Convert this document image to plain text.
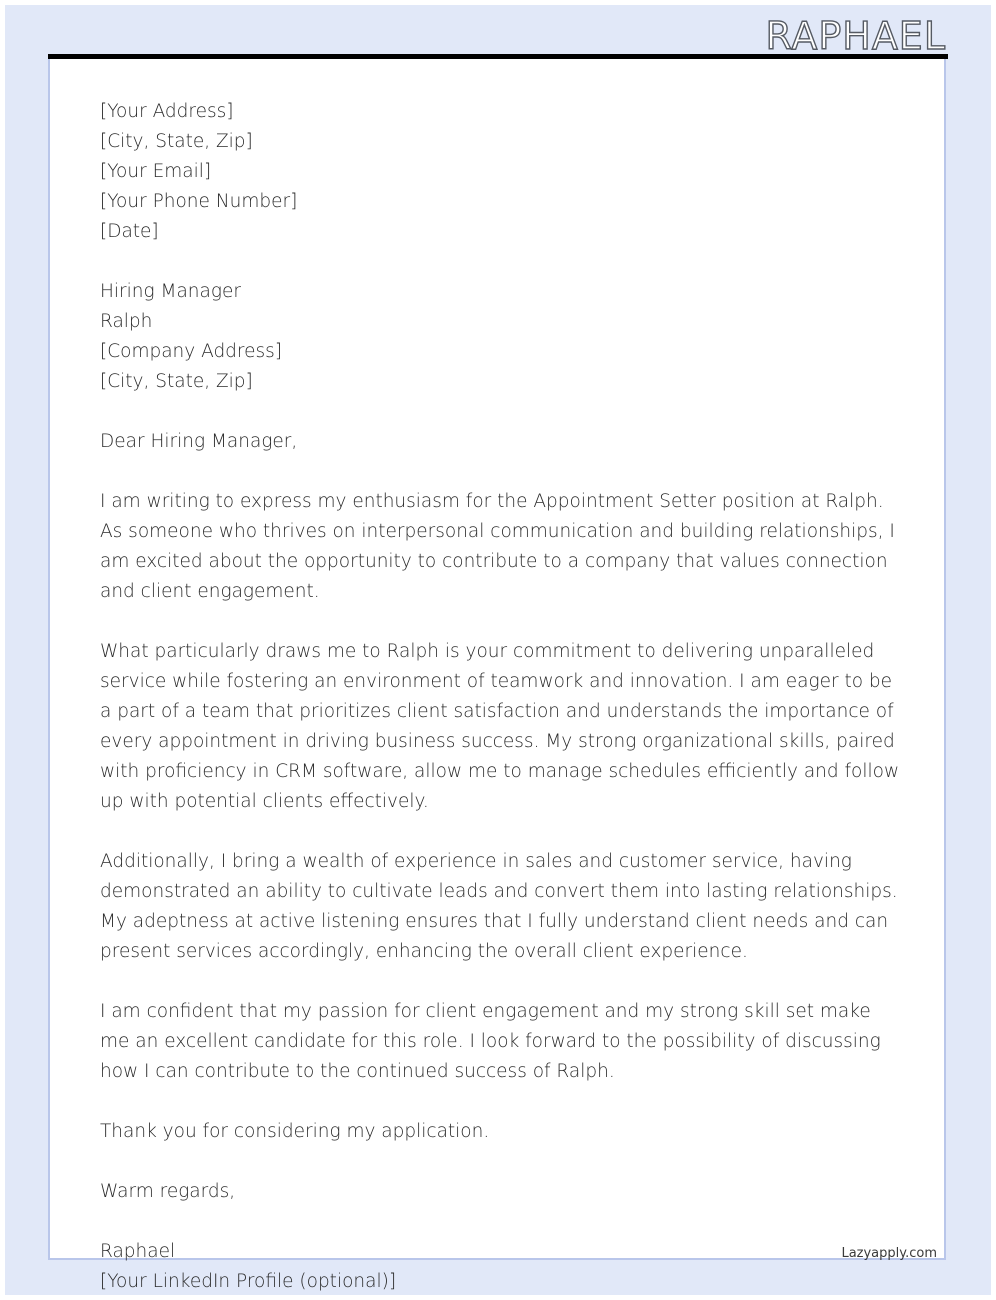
RAPHAEL
[Your Address]
[City, State, Zip]
[Your Email]
[Your Phone Number]
[Date]
Hiring Manager
Ralph
[Company Address]
[City, State, Zip]
Dear Hiring Manager,

I am writing to express my enthusiasm for the Appointment Setter position at Ralph. As someone who thrives on interpersonal communication and building relationships, I am excited about the opportunity to contribute to a company that values connection and client engagement.

What particularly draws me to Ralph is your commitment to delivering unparalleled service while fostering an environment of teamwork and innovation. I am eager to be a part of a team that prioritizes client satisfaction and understands the importance of every appointment in driving business success. My strong organizational skills, paired with proficiency in CRM software, allow me to manage schedules efficiently and follow up with potential clients effectively.

Additionally, I bring a wealth of experience in sales and customer service, having demonstrated an ability to cultivate leads and convert them into lasting relationships. My adeptness at active listening ensures that I fully understand client needs and can present services accordingly, enhancing the overall client experience.

I am confident that my passion for client engagement and my strong skill set make me an excellent candidate for this role. I look forward to the possibility of discussing how I can contribute to the continued success of Ralph.

Thank you for considering my application.
Warm regards,
Raphael
[Your LinkedIn Profile (optional)]
Lazyapply.com
